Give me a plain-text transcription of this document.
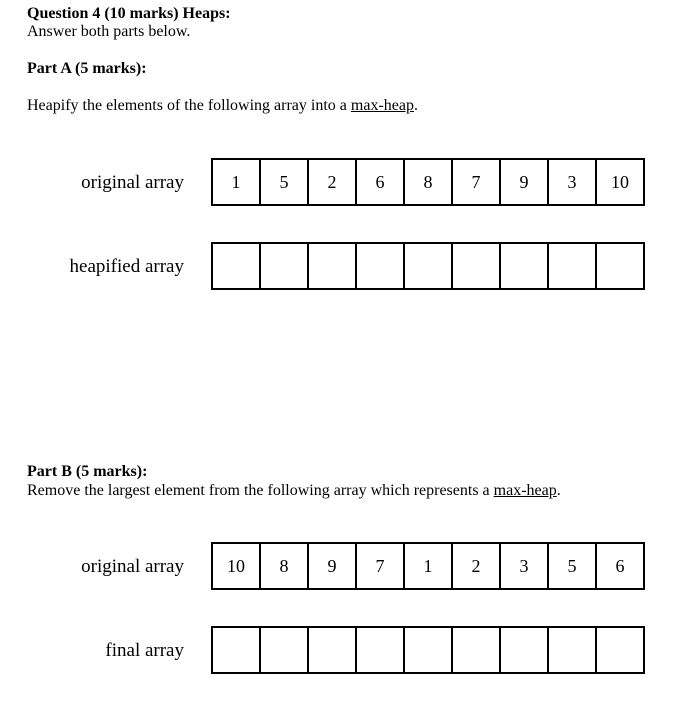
Question 4 (10 marks) Heaps:
Answer both parts below.
Part A (5 marks):
Heapify the elements of the following array into a max-heap.
original array	1	5	2	6	8	7	9	3	10
heapified array
Part B (5 marks):
Remove the largest element from the following array which represents a max-heap.
original array	10	8	9	7	1	2	3	5	6
final array
